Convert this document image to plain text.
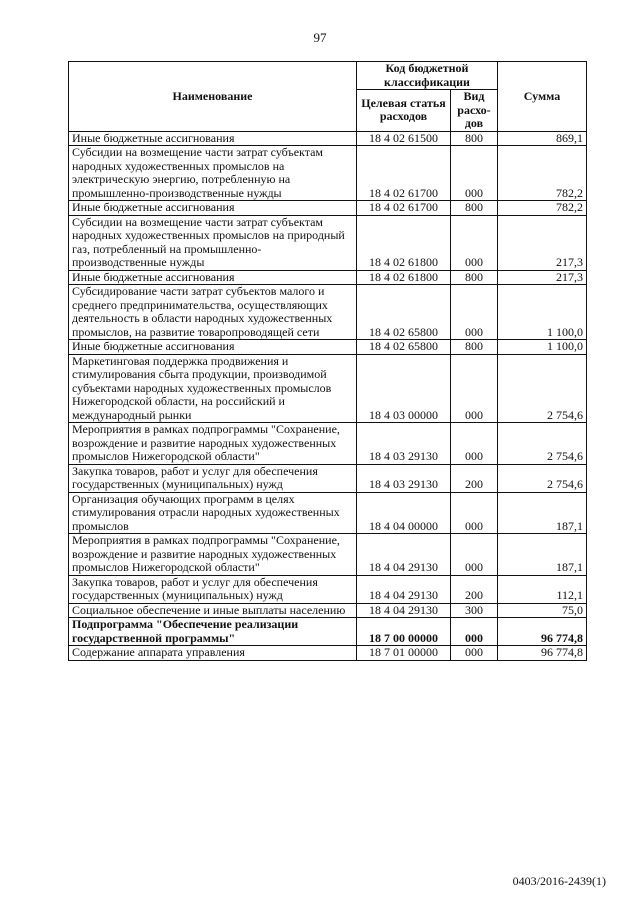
97
Наименование	Код бюджетной классификации		Сумма
	Целевая статья расходов	Вид расхо-дов	
Иные бюджетные ассигнования	18 4 02 61500	800	869,1
Субсидии на возмещение части затрат субъектам народных художественных промыслов на электрическую энергию, потребленную на промышленно-производственные нужды	18 4 02 61700	000	782,2
Иные бюджетные ассигнования	18 4 02 61700	800	782,2
Субсидии на возмещение части затрат субъектам народных художественных промыслов на природный газ, потребленный на промышленно-производственные нужды	18 4 02 61800	000	217,3
Иные бюджетные ассигнования	18 4 02 61800	800	217,3
Субсидирование части затрат субъектов малого и среднего предпринимательства, осуществляющих деятельность в области народных художественных промыслов, на развитие товаропроводящей сети	18 4 02 65800	000	1 100,0
Иные бюджетные ассигнования	18 4 02 65800	800	1 100,0
Маркетинговая поддержка продвижения и стимулирования сбыта продукции, производимой субъектами народных художественных промыслов Нижегородской области, на российский и международный рынки	18 4 03 00000	000	2 754,6
Мероприятия в рамках подпрограммы "Сохранение, возрождение и развитие народных художественных промыслов Нижегородской области"	18 4 03 29130	000	2 754,6
Закупка товаров, работ и услуг для обеспечения государственных (муниципальных) нужд	18 4 03 29130	200	2 754,6
Организация обучающих программ в целях стимулирования отрасли народных художественных промыслов	18 4 04 00000	000	187,1
Мероприятия в рамках подпрограммы "Сохранение, возрождение и развитие народных художественных промыслов Нижегородской области"	18 4 04 29130	000	187,1
Закупка товаров, работ и услуг для обеспечения государственных (муниципальных) нужд	18 4 04 29130	200	112,1
Социальное обеспечение и иные выплаты населению	18 4 04 29130	300	75,0
Подпрограмма "Обеспечение реализации государственной программы"	18 7 00 00000	000	96 774,8
Содержание аппарата управления	18 7 01 00000	000	96 774,8
0403/2016-2439(1)
